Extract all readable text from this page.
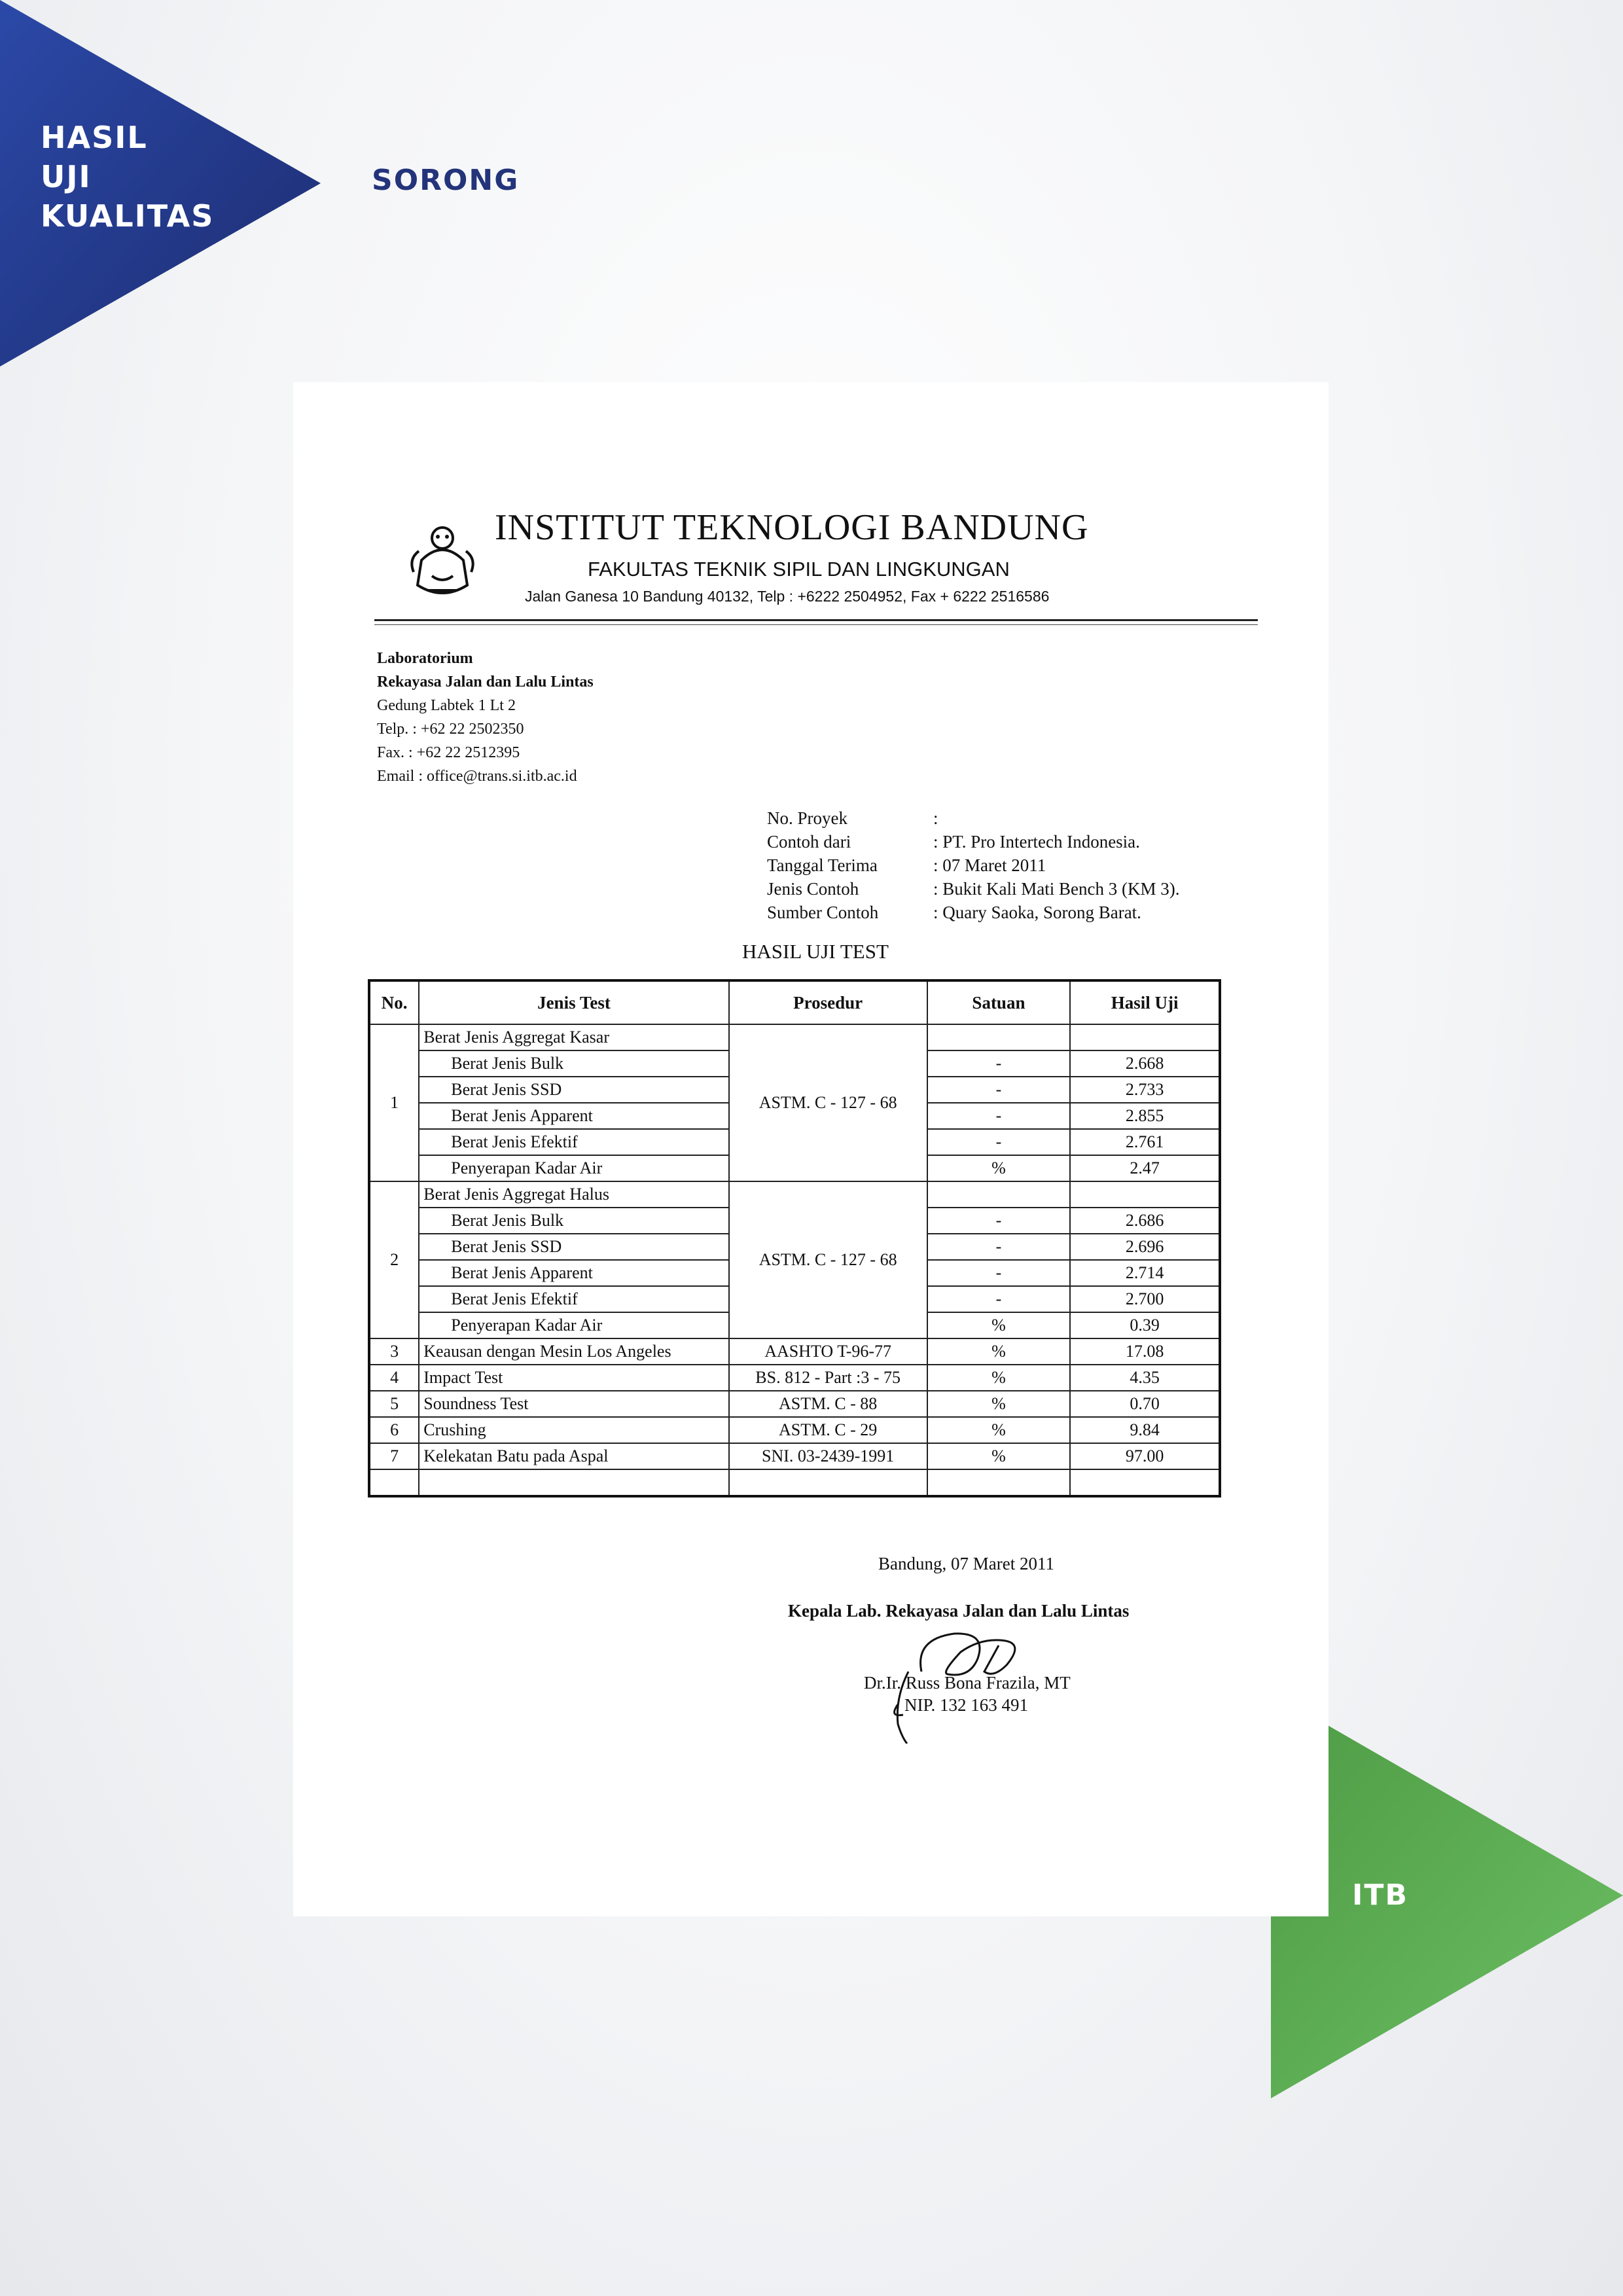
HASIL
UJI
KUALITAS
SORONG
ITB
INSTITUT TEKNOLOGI BANDUNG
FAKULTAS TEKNIK SIPIL DAN LINGKUNGAN
Jalan Ganesa 10 Bandung 40132, Telp : +6222 2504952, Fax + 6222 2516586
Laboratorium
Rekayasa Jalan dan Lalu Lintas
Gedung Labtek 1 Lt 2
Telp. : +62 22 2502350
Fax. : +62 22 2512395
Email : office@trans.si.itb.ac.id
No. Proyek	:
Contoh dari	: PT. Pro Intertech Indonesia.
Tanggal Terima	: 07 Maret 2011
Jenis Contoh	: Bukit Kali Mati Bench 3 (KM 3).
Sumber Contoh	: Quary Saoka, Sorong Barat.
HASIL UJI TEST
No.	Jenis Test	Prosedur	Satuan	Hasil Uji
1	Berat Jenis Aggregat Kasar	ASTM. C - 127 - 68		
	Berat Jenis Bulk		-	2.668
	Berat Jenis SSD		-	2.733
	Berat Jenis Apparent		-	2.855
	Berat Jenis Efektif		-	2.761
	Penyerapan Kadar Air		%	2.47
2	Berat Jenis Aggregat Halus	ASTM. C - 127 - 68		
	Berat Jenis Bulk		-	2.686
	Berat Jenis SSD		-	2.696
	Berat Jenis Apparent		-	2.714
	Berat Jenis Efektif		-	2.700
	Penyerapan Kadar Air		%	0.39
3	Keausan dengan Mesin Los Angeles	AASHTO T-96-77	%	17.08
4	Impact Test	BS. 812 - Part :3 - 75	%	4.35
5	Soundness Test	ASTM. C - 88	%	0.70
6	Crushing	ASTM. C - 29	%	9.84
7	Kelekatan Batu pada Aspal	SNI. 03-2439-1991	%	97.00

Bandung, 07 Maret 2011
Kepala Lab. Rekayasa Jalan dan Lalu Lintas
Dr.Ir. Russ Bona Frazila, MT
NIP. 132 163 491
